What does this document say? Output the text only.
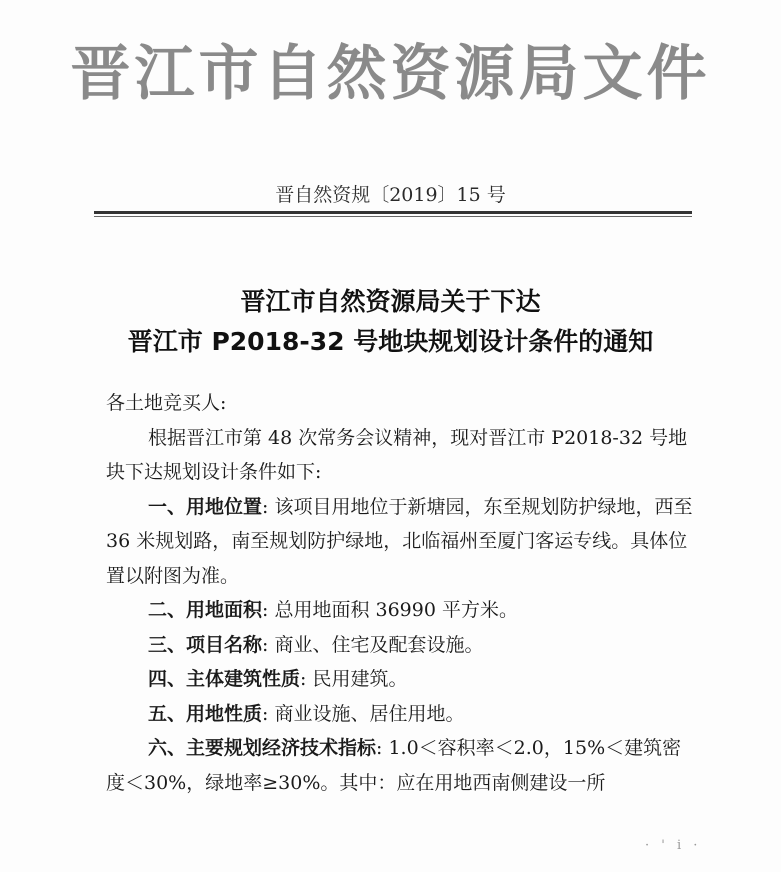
晋江市自然资源局文件
晋自然资规〔2019〕15 号
晋江市自然资源局关于下达
晋江市 P2018-32 号地块规划设计条件的通知

各土地竞买人:

根据晋江市第 48 次常务会议精神，现对晋江市 P2018-32 号地块下达规划设计条件如下:

一、用地位置: 该项目用地位于新塘园，东至规划防护绿地，西至 36 米规划路，南至规划防护绿地，北临福州至厦门客运专线。具体位置以附图为准。

二、用地面积: 总用地面积 36990 平方米。

三、项目名称: 商业、住宅及配套设施。

四、主体建筑性质: 民用建筑。

五、用地性质: 商业设施、居住用地。

六、主要规划经济技术指标: 1.0＜容积率＜2.0，15%＜建筑密度＜30%，绿地率≥30%。其中：应在用地西南侧建设一所

· ' i ·
